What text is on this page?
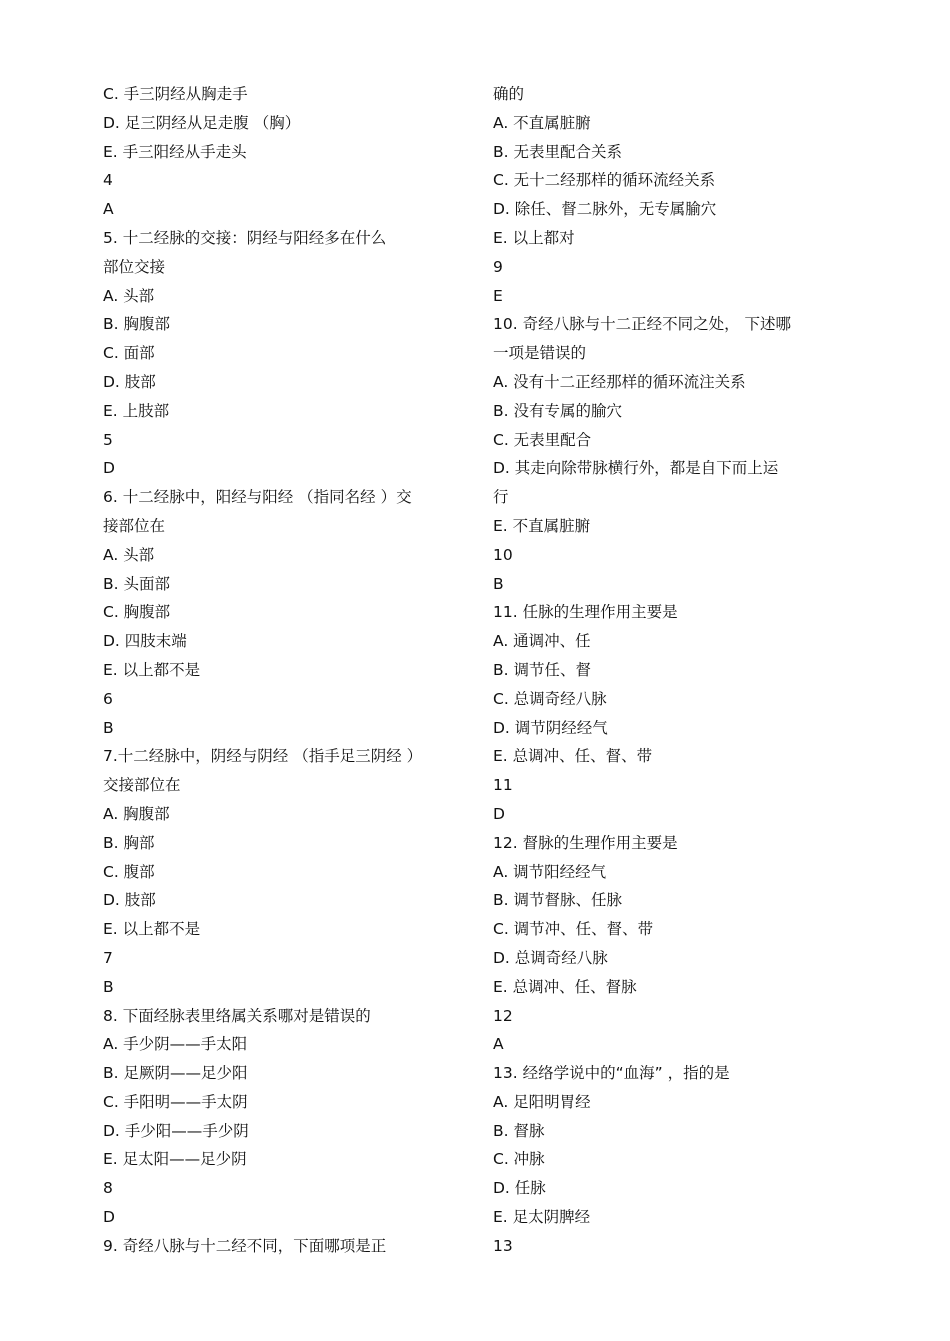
C. 手三阴经从胸走手
D. 足三阴经从足走腹 （胸）
E. 手三阳经从手走头
4
A
5. 十二经脉的交接：阴经与阳经多在什么
部位交接
A. 头部
B. 胸腹部
C. 面部
D. 肢部
E. 上肢部
5
D
6. 十二经脉中，阳经与阳经 （指同名经 ）交
接部位在
A. 头部
B. 头面部
C. 胸腹部
D. 四肢末端
E. 以上都不是
6
B
7.十二经脉中，阴经与阴经 （指手足三阴经 ）
交接部位在
A. 胸腹部
B. 胸部
C. 腹部
D. 肢部
E. 以上都不是
7
B
8. 下面经脉表里络属关系哪对是错误的
A. 手少阴——手太阳
B. 足厥阴——足少阳
C. 手阳明——手太阴
D. 手少阳——手少阴
E. 足太阳——足少阴
8
D
9. 奇经八脉与十二经不同，下面哪项是正
确的
A. 不直属脏腑
B. 无表里配合关系
C. 无十二经那样的循环流经关系
D. 除任、督二脉外，无专属腧穴
E. 以上都对
9
E
10. 奇经八脉与十二正经不同之处， 下述哪
一项是错误的
A. 没有十二正经那样的循环流注关系
B. 没有专属的腧穴
C. 无表里配合
D. 其走向除带脉横行外，都是自下而上运
行
E. 不直属脏腑
10
B
11. 任脉的生理作用主要是
A. 通调冲、任
B. 调节任、督
C. 总调奇经八脉
D. 调节阴经经气
E. 总调冲、任、督、带
11
D
12. 督脉的生理作用主要是
A. 调节阳经经气
B. 调节督脉、任脉
C. 调节冲、任、督、带
D. 总调奇经八脉
E. 总调冲、任、督脉
12
A
13. 经络学说中的“血海” ，指的是
A. 足阳明胃经
B. 督脉
C. 冲脉
D. 任脉
E. 足太阴脾经
13
